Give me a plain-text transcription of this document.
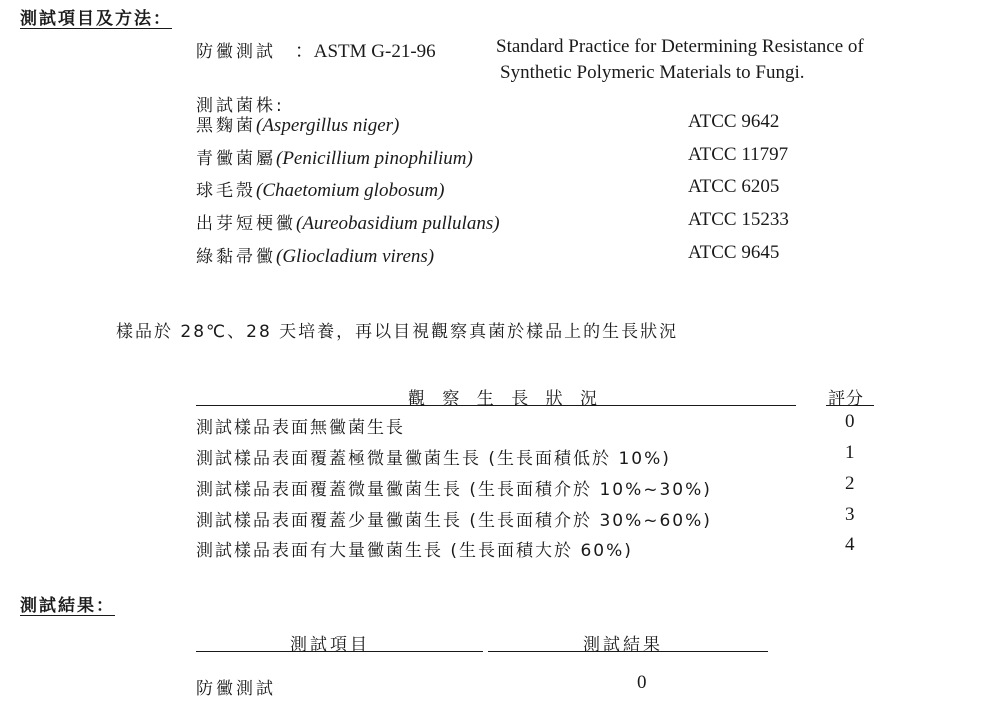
測試項目及方法：
防黴測試 ：ASTM G-21-96	Standard Practice for Determining Resistance of
Synthetic Polymeric Materials to Fungi.
測試菌株:
黑麴菌(Aspergillus niger)	ATCC 9642
青黴菌屬(Penicillium pinophilium)	ATCC 11797
球毛殼(Chaetomium globosum)	ATCC 6205
出芽短梗黴(Aureobasidium pullulans)	ATCC 15233
綠黏帚黴(Gliocladium virens)	ATCC 9645
樣品於 28℃、28 天培養，再以目視觀察真菌於樣品上的生長狀況
觀 察 生 長 狀 況	評分
測試樣品表面無黴菌生長	0
測試樣品表面覆蓋極微量黴菌生長 (生長面積低於 10%)	1
測試樣品表面覆蓋微量黴菌生長 (生長面積介於 10%~30%)	2
測試樣品表面覆蓋少量黴菌生長 (生長面積介於 30%~60%)	3
測試樣品表面有大量黴菌生長 (生長面積大於 60%)	4
測試結果：
測試項目	測試結果
防黴測試	0
